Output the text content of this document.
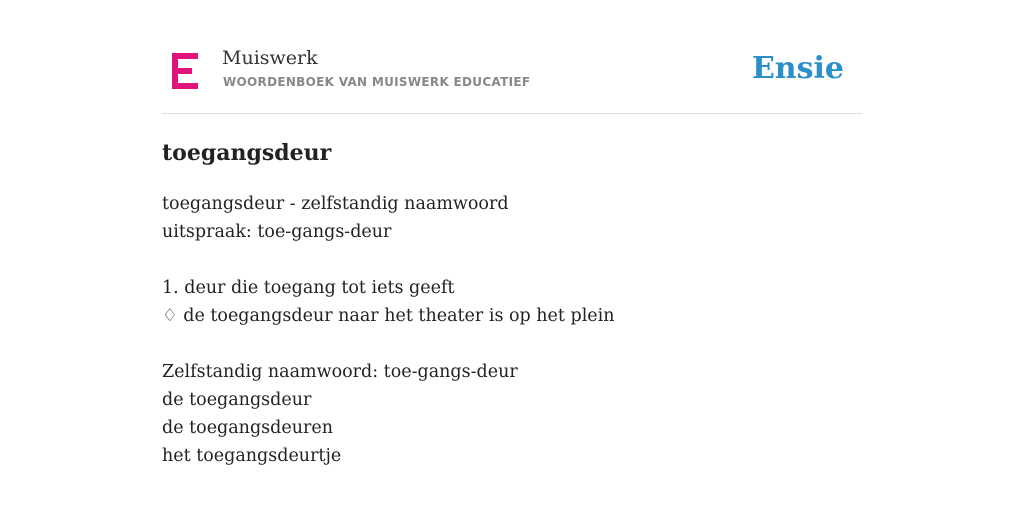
Muiswerk
WOORDENBOEK VAN MUISWERK EDUCATIEF	Ensie
toegangsdeur
toegangsdeur - zelfstandig naamwoord
uitspraak: toe-gangs-deur
1. deur die toegang tot iets geeft
♢ de toegangsdeur naar het theater is op het plein
Zelfstandig naamwoord: toe-gangs-deur
de toegangsdeur
de toegangsdeuren
het toegangsdeurtje
